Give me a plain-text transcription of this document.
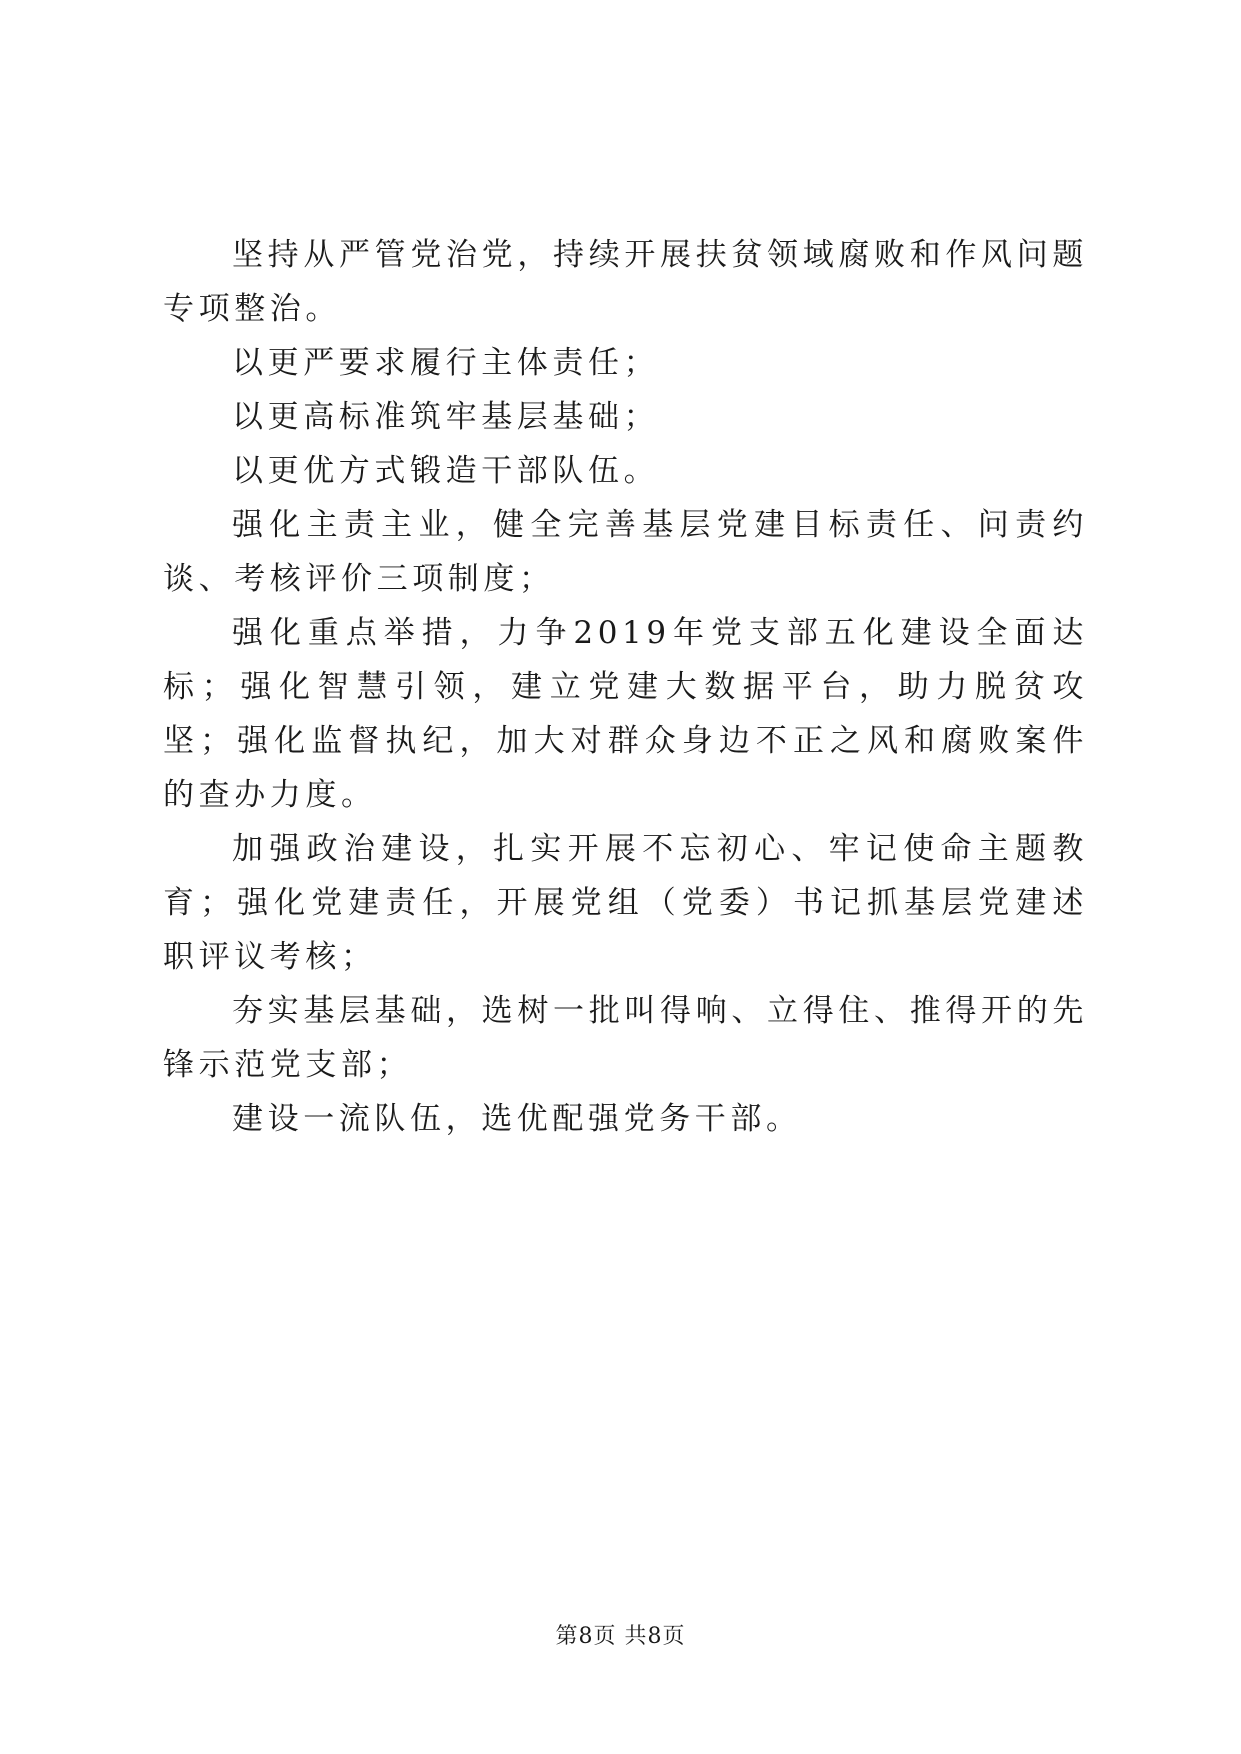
坚持从严管党治党，持续开展扶贫领域腐败和作风问题专项整治。

以更严要求履行主体责任；

以更高标准筑牢基层基础；

以更优方式锻造干部队伍。

强化主责主业，健全完善基层党建目标责任、问责约谈、考核评价三项制度；

强化重点举措，力争2019年党支部五化建设全面达标；强化智慧引领，建立党建大数据平台，助力脱贫攻坚；强化监督执纪，加大对群众身边不正之风和腐败案件的查办力度。

加强政治建设，扎实开展不忘初心、牢记使命主题教育；强化党建责任，开展党组（党委）书记抓基层党建述职评议考核；

夯实基层基础，选树一批叫得响、立得住、推得开的先锋示范党支部；

建设一流队伍，选优配强党务干部。

第8页 共8页
